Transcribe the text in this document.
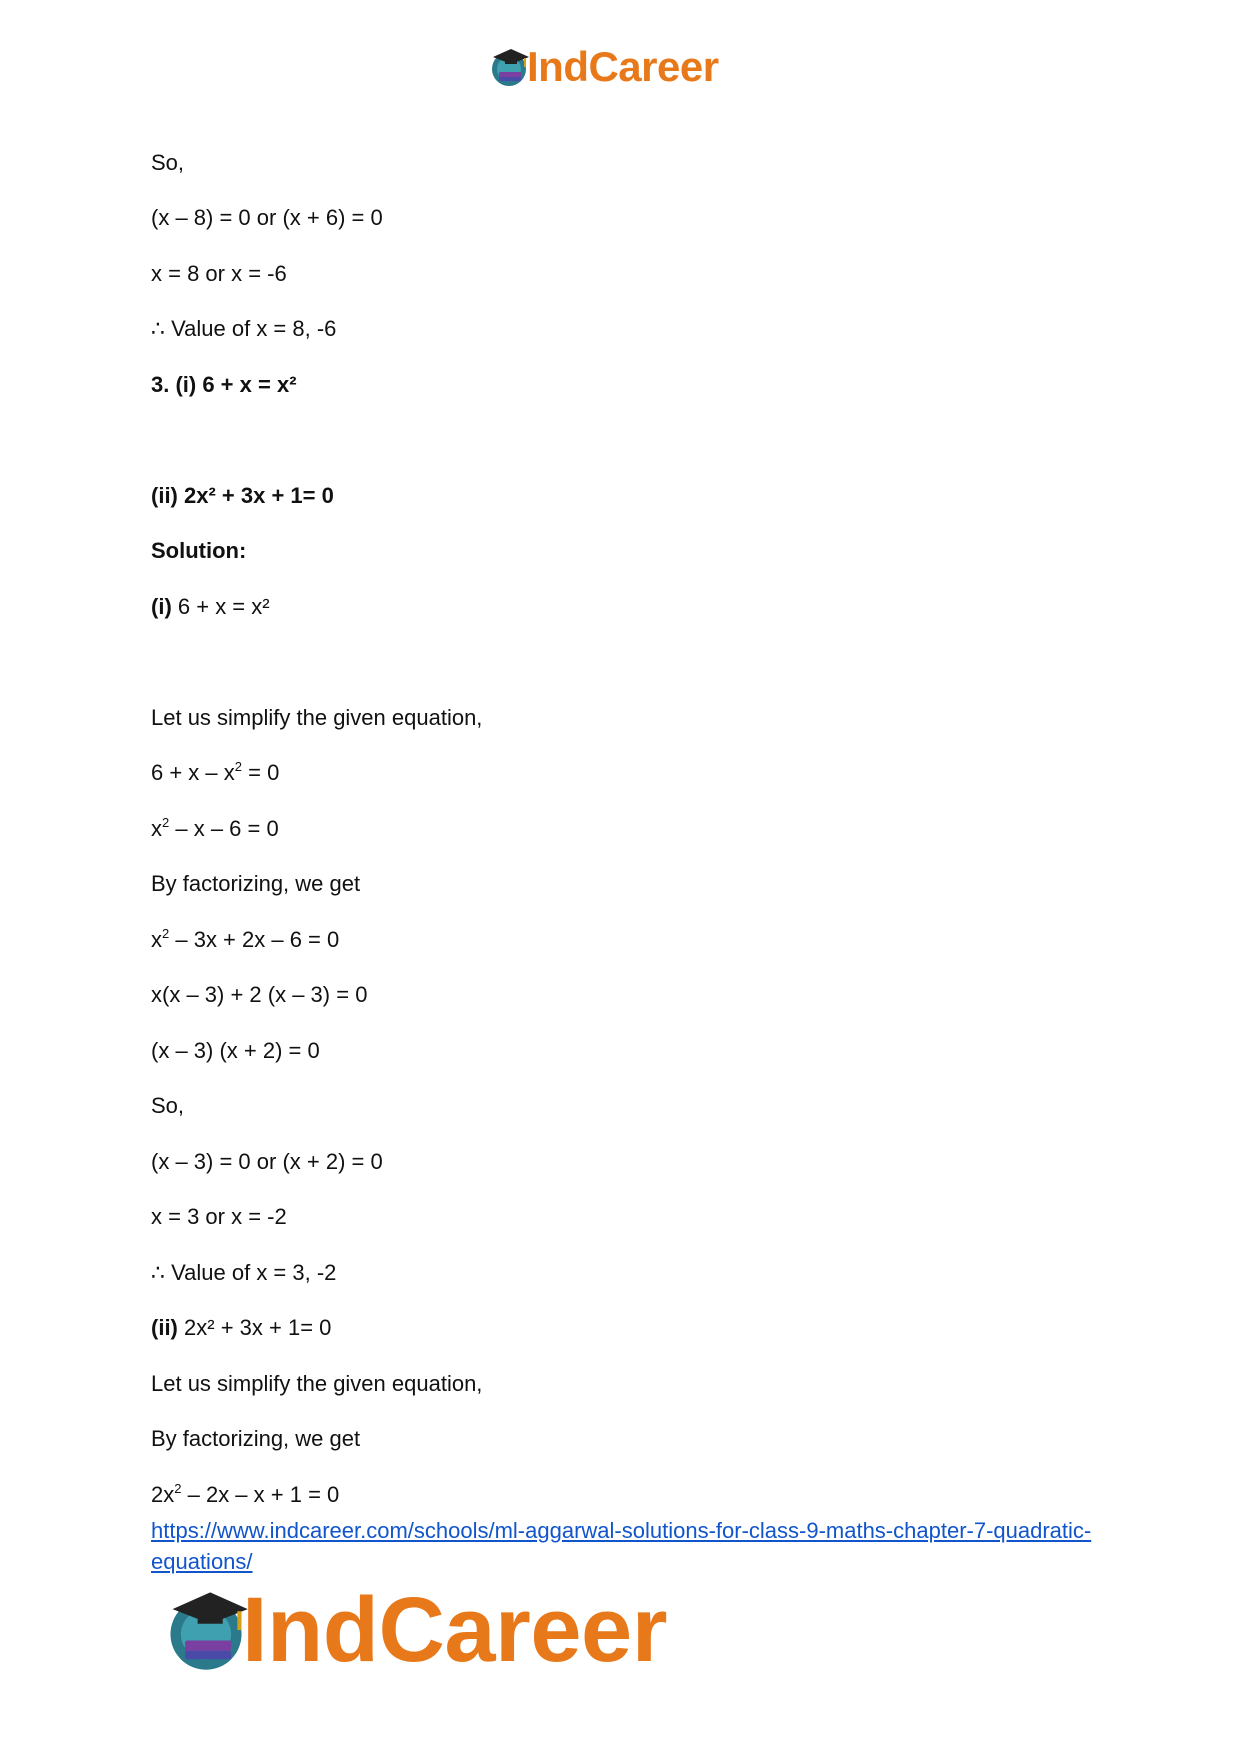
IndCareer
So,
(x – 8) = 0 or (x + 6) = 0
x = 8 or x = -6
∴ Value of x = 8, -6
3. (i) 6 + x = x²
(ii) 2x² + 3x + 1= 0
Solution:
(i) 6 + x = x²
Let us simplify the given equation,
$6 + x - x^2 = 0$
$x^2 - x - 6 = 0$
By factorizing, we get
$x^2 - 3x + 2x - 6 = 0$
x(x – 3) + 2 (x – 3) = 0
(x – 3) (x + 2) = 0
So,
(x – 3) = 0 or (x + 2) = 0
x = 3 or x = -2
∴ Value of x = 3, -2
(ii) 2x² + 3x + 1= 0
Let us simplify the given equation,
By factorizing, we get
$2x^2 - 2x - x + 1 = 0$
https://www.indcareer.com/schools/ml-aggarwal-solutions-for-class-9-maths-chapter-7-quadratic-equations/
IndCareer
